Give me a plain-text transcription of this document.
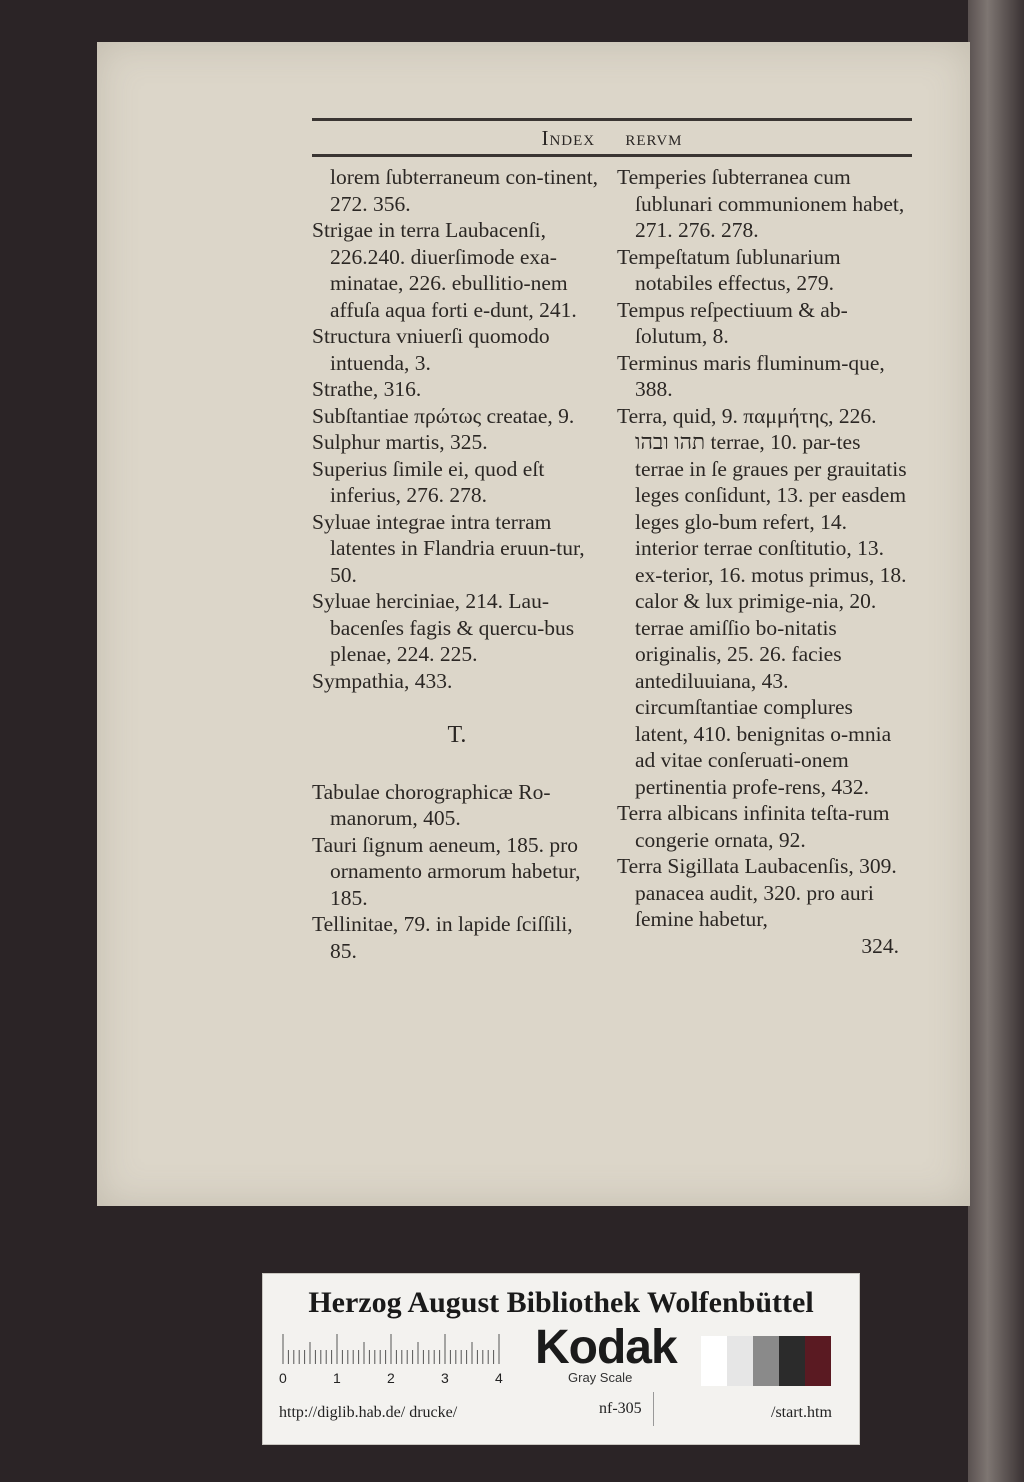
Index rervm
lorem ſubterraneum con-tinent, 272. 356.
Strigae in terra Laubacenſi, 226.240. diuerſimode exa-minatae, 226. ebullitio-nem affuſa aqua forti e-dunt, 241.
Structura vniuerſi quomodo intuenda, 3.
Strathe, 316.
Subſtantiae πρώτως creatae, 9.
Sulphur martis, 325.
Superius ſimile ei, quod eſt inferius, 276. 278.
Syluae integrae intra terram latentes in Flandria eruun-tur, 50.
Syluae herciniae, 214. Lau-bacenſes fagis & quercu-bus plenae, 224. 225.
Sympathia, 433.
T.
Tabulae chorographicæ Ro-manorum, 405.
Tauri ſignum aeneum, 185. pro ornamento armorum habetur, 185.
Tellinitae, 79. in lapide ſciſſili, 85.
Temperies ſubterranea cum ſublunari communionem habet, 271. 276. 278.
Tempeſtatum ſublunarium notabiles effectus, 279.
Tempus reſpectiuum & ab-ſolutum, 8.
Terminus maris fluminum-que, 388.
Terra, quid, 9. παμμήτης, 226. תהו ובהו terrae, 10. par-tes terrae in ſe graues per grauitatis leges conſidunt, 13. per easdem leges glo-bum refert, 14. interior terrae conſtitutio, 13. ex-terior, 16. motus primus, 18. calor & lux primige-nia, 20. terrae amiſſio bo-nitatis originalis, 25. 26. facies antediluuiana, 43. circumſtantiae complures latent, 410. benignitas o-mnia ad vitae conſeruati-onem pertinentia profe-rens, 432.
Terra albicans infinita teſta-rum congerie ornata, 92.
Terra Sigillata Laubacenſis, 309. panacea audit, 320. pro auri ſemine habetur,
324.
Herzog August Bibliothek Wolfenbüttel
0	1	2	3	4
Kodak
Gray Scale
http://diglib.hab.de/ drucke/	nf-305	/start.htm
